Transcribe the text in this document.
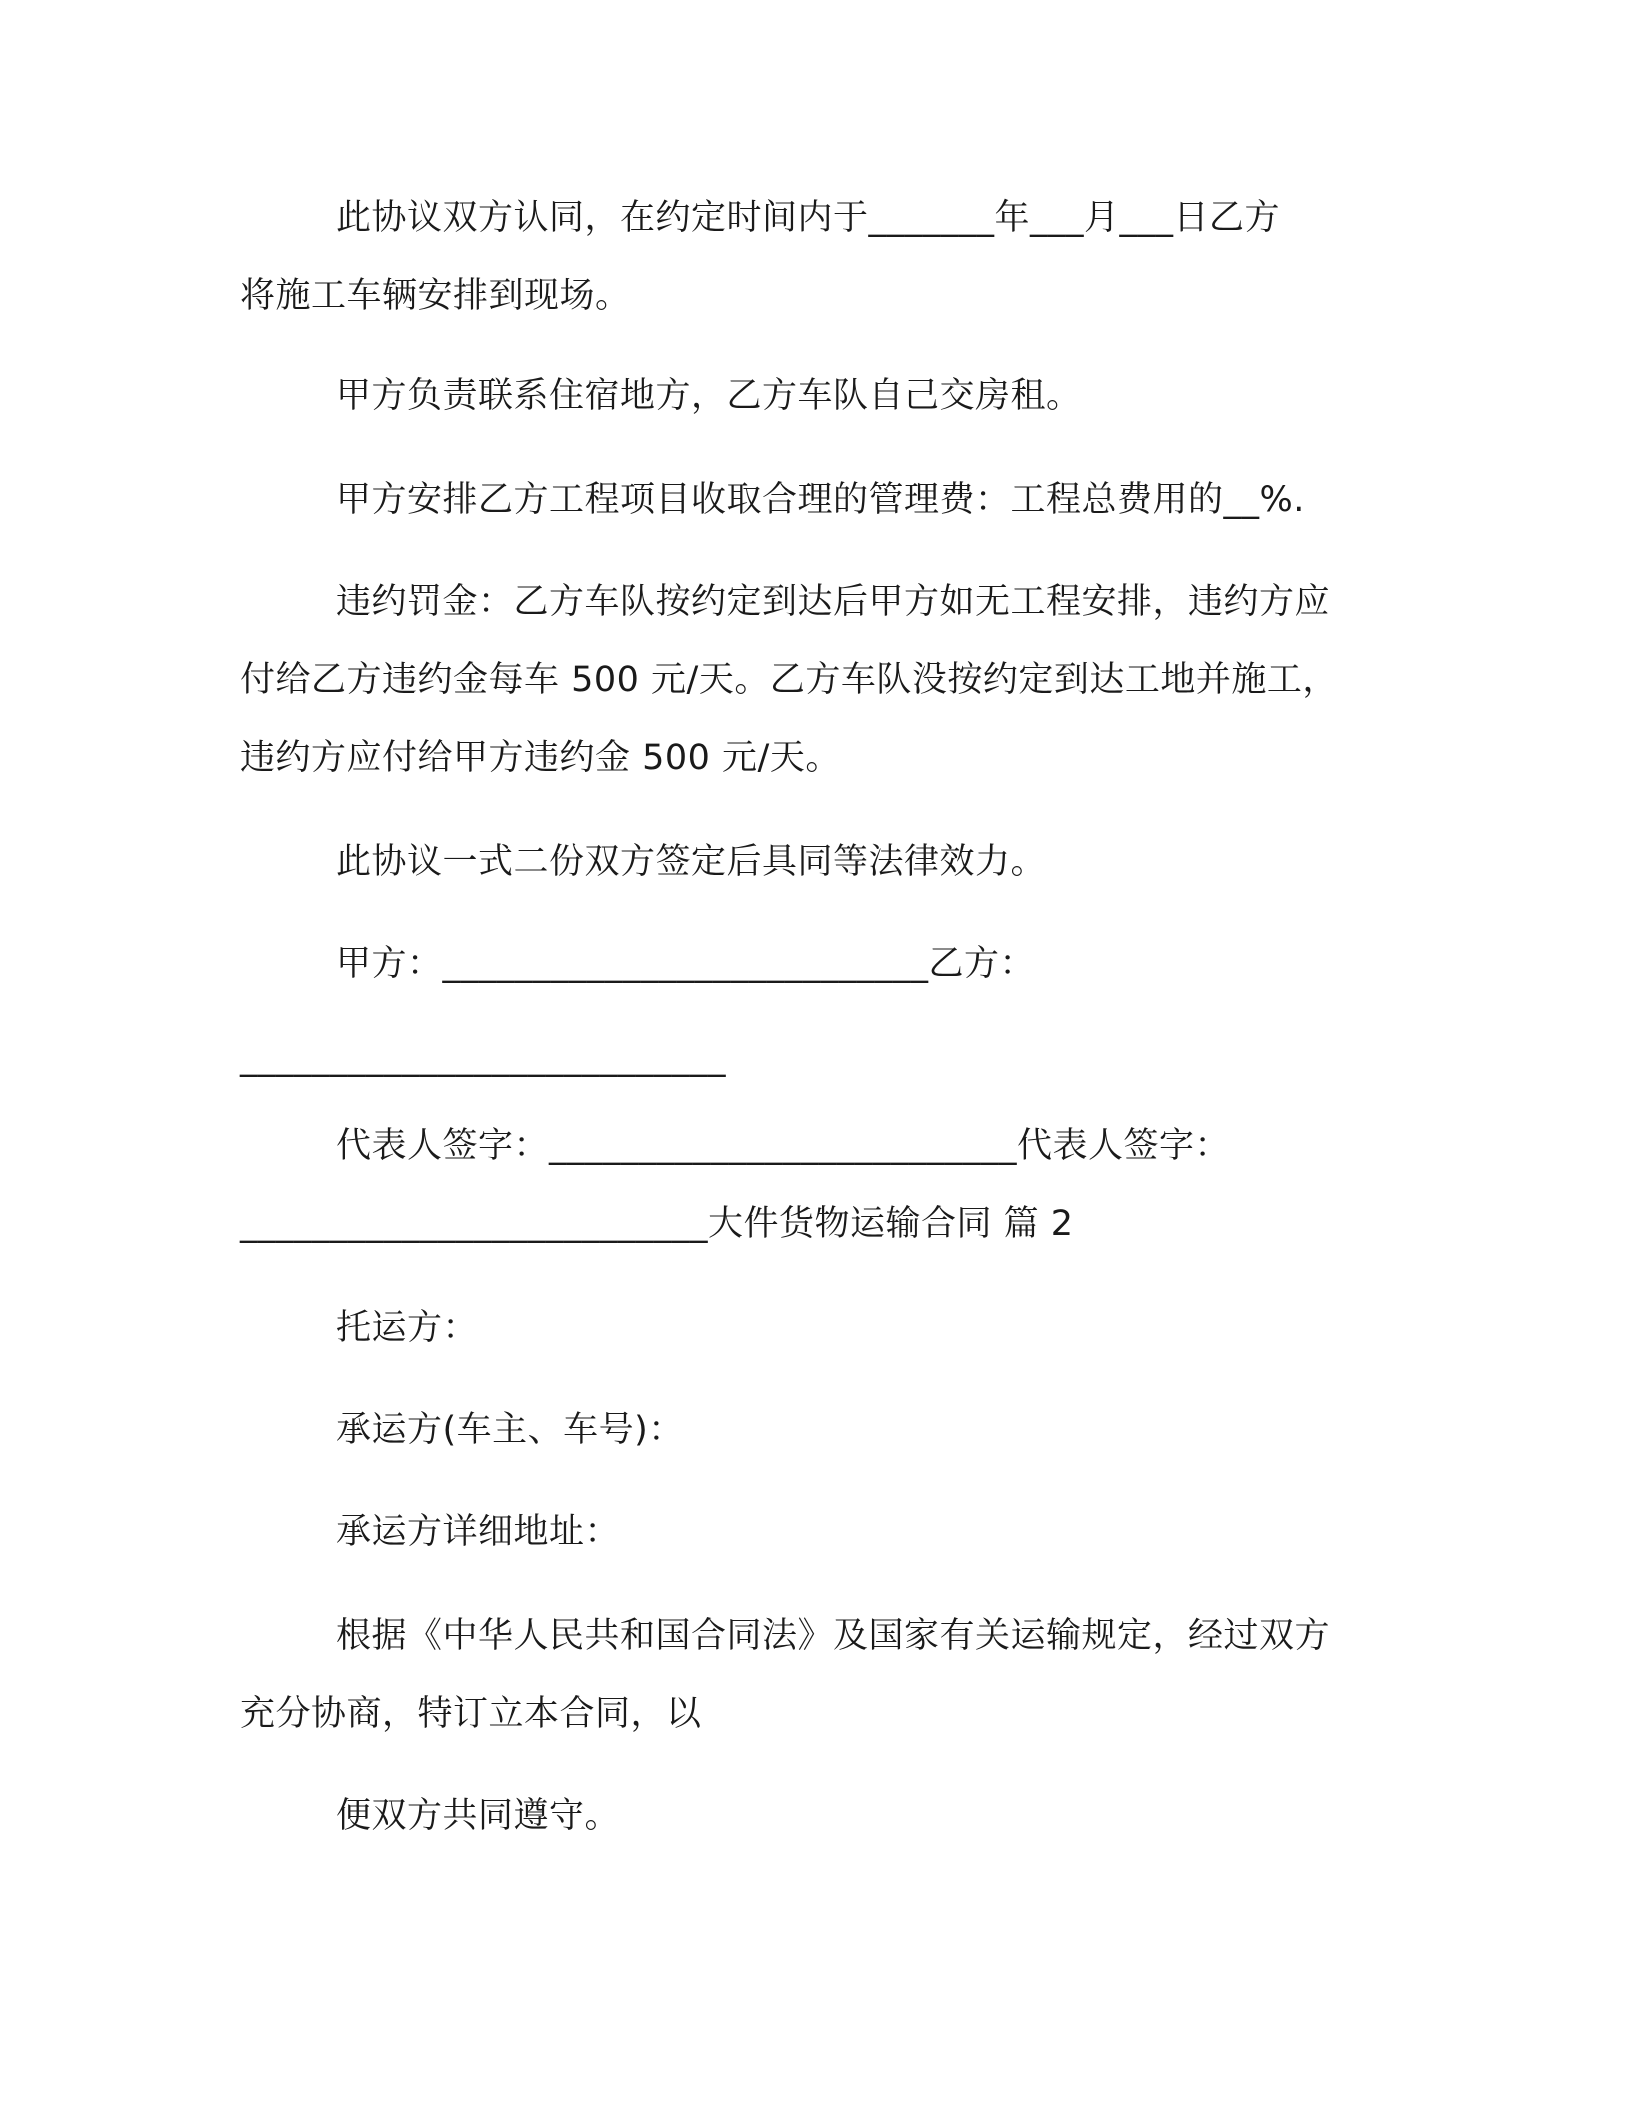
此协议双方认同，在约定时间内于_______年___月___日乙方
将施工车辆安排到现场。
甲方负责联系住宿地方，乙方车队自己交房租。
甲方安排乙方工程项目收取合理的管理费：工程总费用的__%.
违约罚金：乙方车队按约定到达后甲方如无工程安排，违约方应
付给乙方违约金每车 500 元/天。乙方车队没按约定到达工地并施工，
违约方应付给甲方违约金 500 元/天。
此协议一式二份双方签定后具同等法律效力。
甲方：___________________________乙方：
___________________________
代表人签字：__________________________代表人签字：
__________________________大件货物运输合同 篇 2
托运方：
承运方(车主、车号)：
承运方详细地址：
根据《中华人民共和国合同法》及国家有关运输规定，经过双方
充分协商，特订立本合同，以
便双方共同遵守。
